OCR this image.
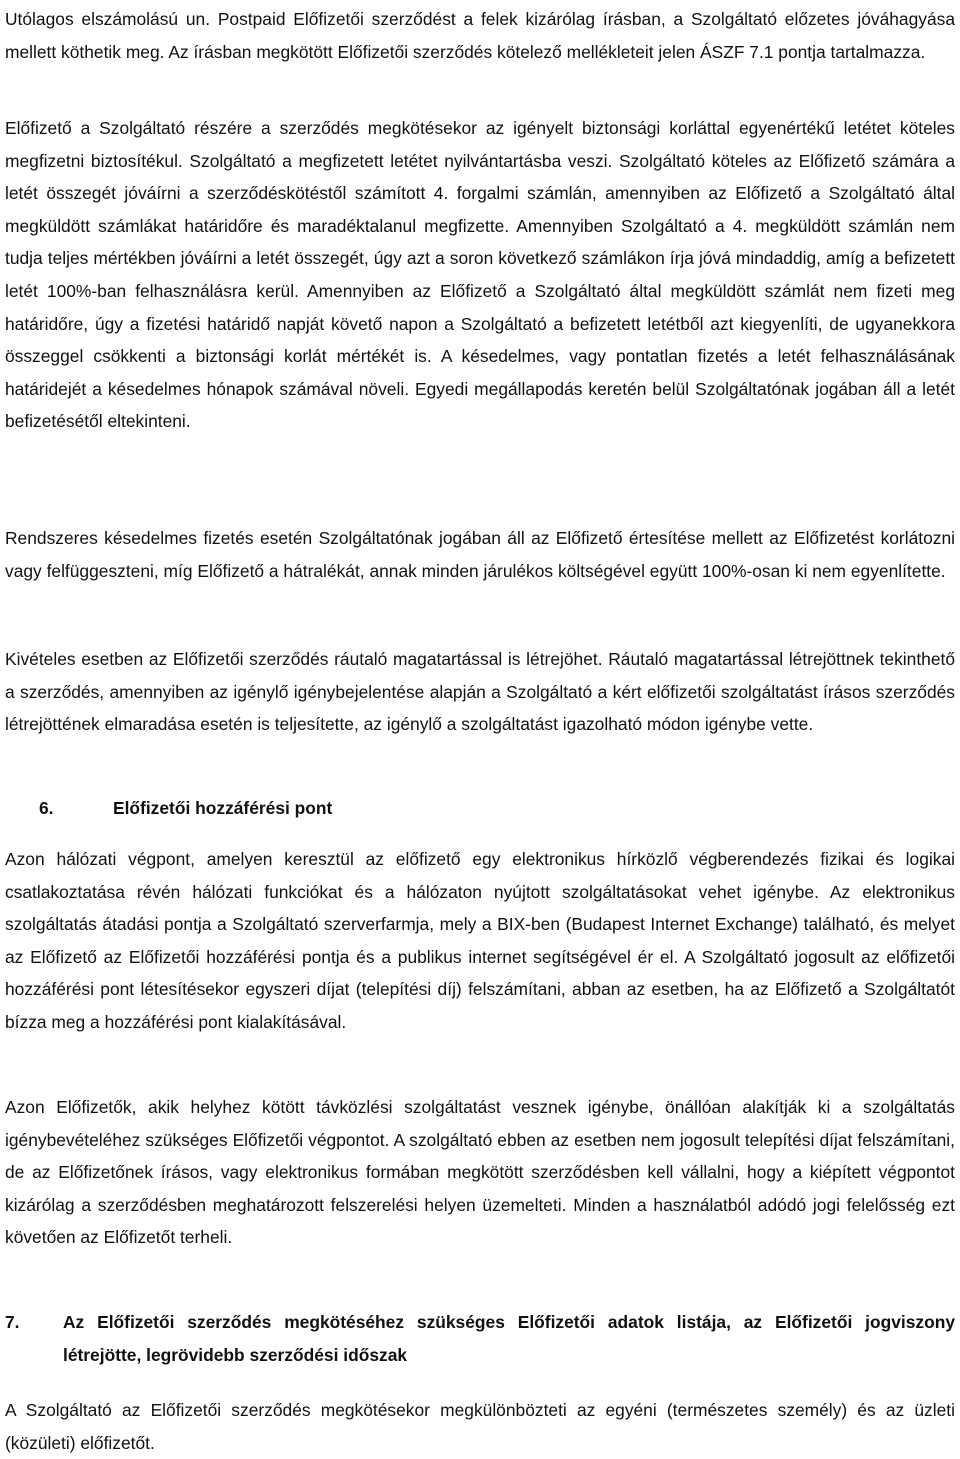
Utólagos elszámolású un. Postpaid Előfizetői szerződést a felek kizárólag írásban, a Szolgáltató előzetes jóváhagyása mellett köthetik meg. Az írásban megkötött Előfizetői szerződés kötelező mellékleteit jelen ÁSZF 7.1 pontja tartalmazza.

Előfizető a Szolgáltató részére a szerződés megkötésekor az igényelt biztonsági korláttal egyenértékű letétet köteles megfizetni biztosítékul. Szolgáltató a megfizetett letétet nyilvántartásba veszi. Szolgáltató köteles az Előfizető számára a letét összegét jóváírni a szerződéskötéstől számított 4. forgalmi számlán, amennyiben az Előfizető a Szolgáltató által megküldött számlákat határidőre és maradéktalanul megfizette. Amennyiben Szolgáltató a 4. megküldött számlán nem tudja teljes mértékben jóváírni a letét összegét, úgy azt a soron következő számlákon írja jóvá mindaddig, amíg a befizetett letét 100%-ban felhasználásra kerül. Amennyiben az Előfizető a Szolgáltató által megküldött számlát nem fizeti meg határidőre, úgy a fizetési határidő napját követő napon a Szolgáltató a befizetett letétből azt kiegyenlíti, de ugyanekkora összeggel csökkenti a biztonsági korlát mértékét is. A késedelmes, vagy pontatlan fizetés a letét felhasználásának határidejét a késedelmes hónapok számával növeli. Egyedi megállapodás keretén belül Szolgáltatónak jogában áll a letét befizetésétől eltekinteni.

Rendszeres késedelmes fizetés esetén Szolgáltatónak jogában áll az Előfizető értesítése mellett az Előfizetést korlátozni vagy felfüggeszteni, míg Előfizető a hátralékát, annak minden járulékos költségével együtt 100%-osan ki nem egyenlítette.

Kivételes esetben az Előfizetői szerződés ráutaló magatartással is létrejöhet. Ráutaló magatartással létrejöttnek tekinthető a szerződés, amennyiben az igénylő igénybejelentése alapján a Szolgáltató a kért előfizetői szolgáltatást írásos szerződés létrejöttének elmaradása esetén is teljesítette, az igénylő a szolgáltatást igazolható módon igénybe vette.

6.	Előfizetői hozzáférési pont

Azon hálózati végpont, amelyen keresztül az előfizető egy elektronikus hírközlő végberendezés fizikai és logikai csatlakoztatása révén hálózati funkciókat és a hálózaton nyújtott szolgáltatásokat vehet igénybe. Az elektronikus szolgáltatás átadási pontja a Szolgáltató szerverfarmja, mely a BIX-ben (Budapest Internet Exchange) található, és melyet az Előfizető az Előfizetői hozzáférési pontja és a publikus internet segítségével ér el. A Szolgáltató jogosult az előfizetői hozzáférési pont létesítésekor egyszeri díjat (telepítési díj) felszámítani, abban az esetben, ha az Előfizető a Szolgáltatót bízza meg a hozzáférési pont kialakításával.

Azon Előfizetők, akik helyhez kötött távközlési szolgáltatást vesznek igénybe, önállóan alakítják ki a szolgáltatás igénybevételéhez szükséges Előfizetői végpontot. A szolgáltató ebben az esetben nem jogosult telepítési díjat felszámítani, de az Előfizetőnek írásos, vagy elektronikus formában megkötött szerződésben kell vállalni, hogy a kiépített végpontot kizárólag a szerződésben meghatározott felszerelési helyen üzemelteti. Minden a használatból adódó jogi felelősség ezt követően az Előfizetőt terheli.

7.	Az Előfizetői szerződés megkötéséhez szükséges Előfizetői adatok listája, az Előfizetői jogviszony létrejötte, legrövidebb szerződési időszak

A Szolgáltató az Előfizetői szerződés megkötésekor megkülönbözteti az egyéni (természetes személy) és az üzleti (közületi) előfizetőt.
